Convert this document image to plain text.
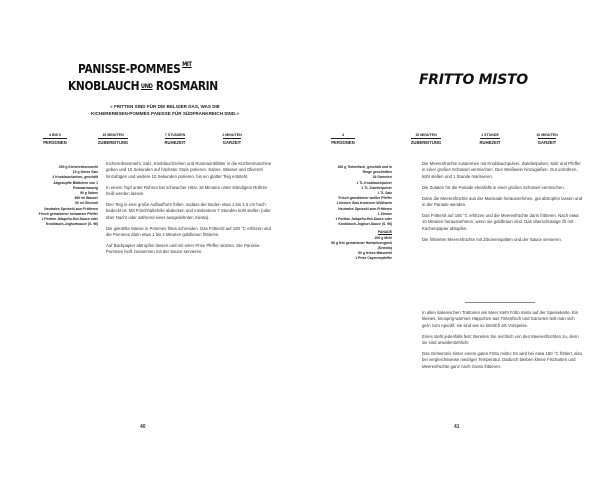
PANISSE-POMMES MIT
KNOBLAUCH UND ROSMARIN
» FRITTEN SIND FÜR DIE BELGIER DAS, WAS DIE
KICHERERBSEN-POMMES PANISSE FÜR SÜDFRANKREICH SIND.«
4 BIS 6
PERSONEN
15 MINUTEN
ZUBEREITUNG
7 STUNDEN
RUHEZEIT
2 MINUTEN
GARZEIT
250 g Kichererbsenmehl
15 g feines Salz
4 Knoblauchzehen, geschält
Abgezupfte Blättchen von 1
Rosmarinzweig
90 g Sahne
600 ml Wasser
50 ml Olivenöl
Neutrales Speiseöl zum Frittieren
Frisch gemahlener schwarzer Pfeffer
1 Portion Jalapeño-Hot-Sauce oder
Knoblauch-Joghurtsauce (S. 96)

Kichererbsenmehl, Salz, Knoblauchzehen und Rosmarinblätter in die Küchenmaschine geben und 15 Sekunden auf höchster Stufe pürieren. Sahne, Wasser und Olivenöl hinzufügen und weitere 10 Sekunden pürieren, bis ein glatter Teig entsteht.

In einem Topf unter Rühren bei schwacher Hitze 15 Minuten unter ständigem Rühren heiß werden lassen.

Den Teig in eine große Auflaufform füllen, sodass der Boden etwa 1 bis 1,5 cm hoch bedeckt ist. Mit Frischhaltefolie abdecken und mindestens 7 Stunden kühl stellen (oder über Nacht oder während einer ausgedehnten Siesta).

Die gekühlte Masse in Pommes frites schneiden. Das Frittieröl auf 180 °C erhitzen und die Pommes darin etwa 1 bis 2 Minuten goldbraun frittieren.

Auf Backpapier abtropfen lassen und mit einer Prise Pfeffer würzen. Die Panisse-Pommes heiß zusammen mit der Sauce servieren.

40
FRITTO MISTO
4
PERSONEN
15 MINUTEN
ZUBEREITUNG
1 STUNDE
RUHEZEIT
10 MINUTEN
GARZEIT
400 g Tintenfisch, geschält und in
Ringe geschnitten
16 Garnelen
1 TL Knoblauchpulver
1 TL Zwiebelpulver
1 TL Salz
Frisch gemahlener weißer Pfeffer
1 kleines Glas trockener Weißwein
Neutrales Speiseöl zum Frittieren
1 Zitrone
1 Portion Jalapeño-Hot-Sauce oder
Knoblauch-Joghurt-Sauce (S. 96)
PANADE
200 g Mehl
50 g fein gemahlener Hartweizengrieß
(Semola)
50 g feines Maismehl
1 Prise Cayennepfeffer

Die Meeresfrüchte zusammen mit Knoblauchpulver, Zwiebelpulver, Salz und Pfeffer in einer großen Schüssel vermischen. Den Weißwein hinzugießen. Gut umrühren, kühl stellen und 1 Stunde marinieren.

Die Zutaten für die Panade ebenfalls in einer großen Schüssel vermischen.

Dann die Meeresfrüchte aus der Marinade herausnehmen, gut abtropfen lassen und in der Panade wenden.

Das Frittieröl auf 150 °C erhitzen und die Meeresfrüchte darin frittieren. Nach etwa 10 Minuten herausnehmen, wenn sie goldbraun sind. Das überschüssige Öl mit Küchenpapier abtupfen.

Die frittierten Meeresfrüchte mit Zitronenspalten und der Sauce servieren.

In allen italienischen Trattorien am Meer steht Fritto misto auf der Speisekarte. Ein kleines, knusprig-warmes Häppchen aus Tintenfisch und Garnelen teilt man sich gern zum Aperitif, sie sind wie so köstlich als Vorspeise.

Eines steht jedenfalls fest: Bereiten Sie reichlich von den Meeresfrüchten zu, denn sie sind unwiderstehlich!

Das Geheimnis hinter einem guten Fritto misto: Es wird bei etwa 150 °C frittiert, also bei vergleichsweise niedriger Temperatur. Dadurch bleiben kleine Fischarten und Meeresfrüchte ganz nach Gusto frittieren.

41
